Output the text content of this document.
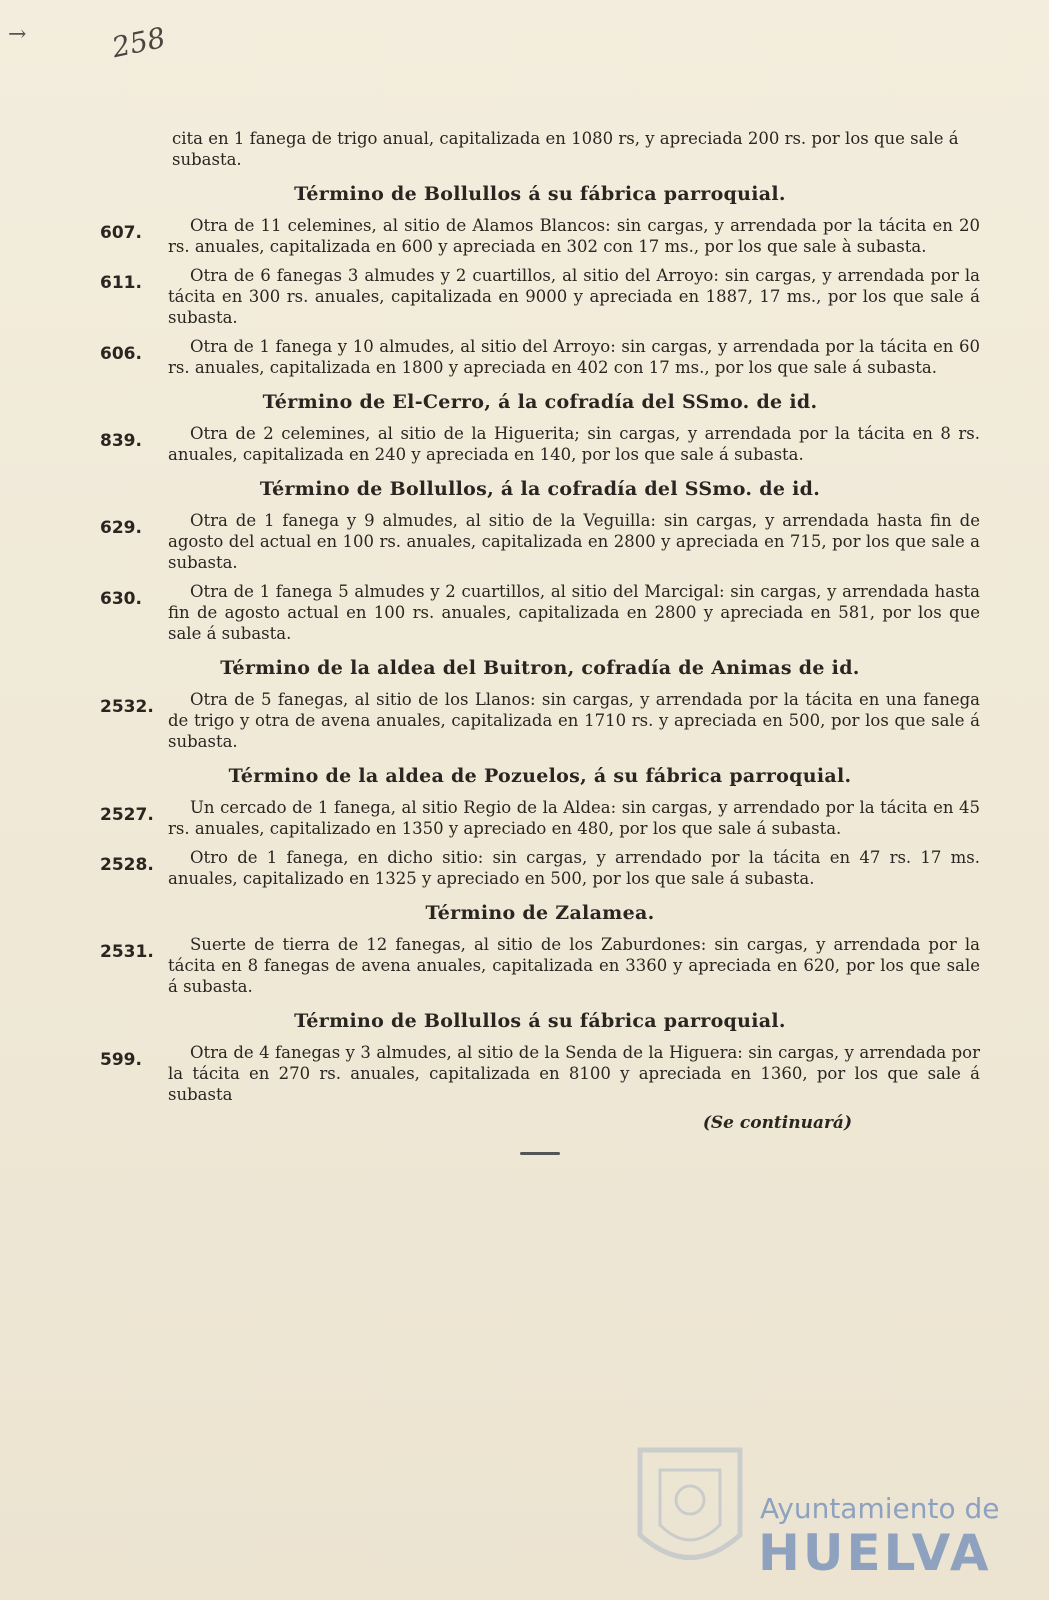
→	258
cita en 1 fanega de trigo anual, capitalizada en 1080 rs, y apreciada 200 rs. por los que sale á subasta.
Término de Bollullos á su fábrica parroquial.
607.	Otra de 11 celemines, al sitio de Alamos Blancos: sin cargas, y arrendada por la tácita en 20 rs. anuales, capitalizada en 600 y apreciada en 302 con 17 ms., por los que sale à subasta.
611.	Otra de 6 fanegas 3 almudes y 2 cuartillos, al sitio del Arroyo: sin cargas, y arrendada por la tácita en 300 rs. anuales, capitalizada en 9000 y apreciada en 1887, 17 ms., por los que sale á subasta.
606.	Otra de 1 fanega y 10 almudes, al sitio del Arroyo: sin cargas, y arrendada por la tácita en 60 rs. anuales, capitalizada en 1800 y apreciada en 402 con 17 ms., por los que sale á subasta.
Término de El-Cerro, á la cofradía del SSmo. de id.
839.	Otra de 2 celemines, al sitio de la Higuerita; sin cargas, y arrendada por la tácita en 8 rs. anuales, capitalizada en 240 y apreciada en 140, por los que sale á subasta.
Término de Bollullos, á la cofradía del SSmo. de id.
629.	Otra de 1 fanega y 9 almudes, al sitio de la Veguilla: sin cargas, y arrendada hasta fin de agosto del actual en 100 rs. anuales, capitalizada en 2800 y apreciada en 715, por los que sale a subasta.
630.	Otra de 1 fanega 5 almudes y 2 cuartillos, al sitio del Marcigal: sin cargas, y arrendada hasta fin de agosto actual en 100 rs. anuales, capitalizada en 2800 y apreciada en 581, por los que sale á subasta.
Término de la aldea del Buitron, cofradía de Animas de id.
2532.	Otra de 5 fanegas, al sitio de los Llanos: sin cargas, y arrendada por la tácita en una fanega de trigo y otra de avena anuales, capitalizada en 1710 rs. y apreciada en 500, por los que sale á subasta.
Término de la aldea de Pozuelos, á su fábrica parroquial.
2527.	Un cercado de 1 fanega, al sitio Regio de la Aldea: sin cargas, y arrendado por la tácita en 45 rs. anuales, capitalizado en 1350 y apreciado en 480, por los que sale á subasta.
2528.	Otro de 1 fanega, en dicho sitio: sin cargas, y arrendado por la tácita en 47 rs. 17 ms. anuales, capitalizado en 1325 y apreciado en 500, por los que sale á subasta.
Término de Zalamea.
2531.	Suerte de tierra de 12 fanegas, al sitio de los Zaburdones: sin cargas, y arrendada por la tácita en 8 fanegas de avena anuales, capitalizada en 3360 y apreciada en 620, por los que sale á subasta.
Término de Bollullos á su fábrica parroquial.
599.	Otra de 4 fanegas y 3 almudes, al sitio de la Senda de la Higuera: sin cargas, y arrendada por la tácita en 270 rs. anuales, capitalizada en 8100 y apreciada en 1360, por los que sale á subasta
(Se continuará)
Ayuntamiento de
HUELVA
